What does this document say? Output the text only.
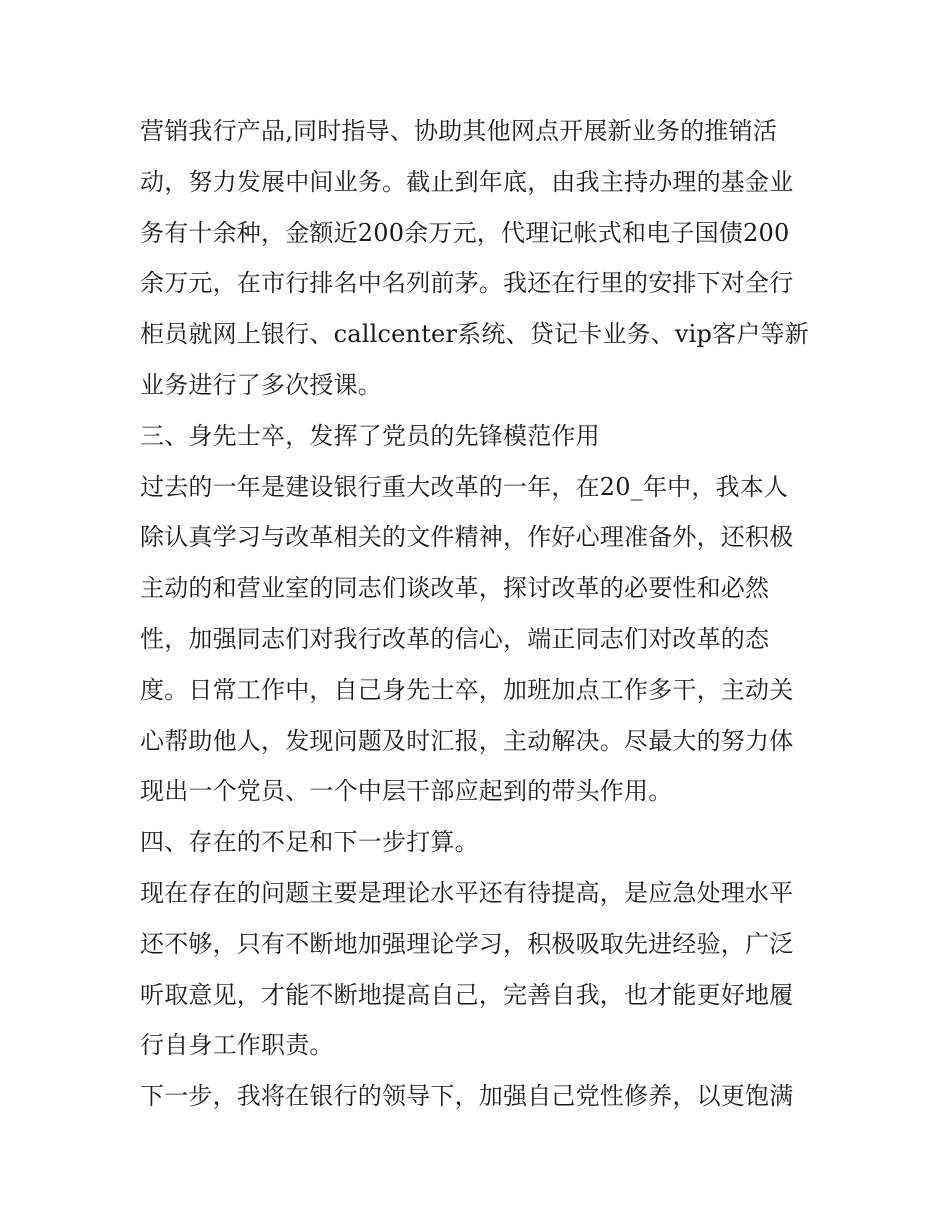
营销我行产品,同时指导、协助其他网点开展新业务的推销活
动，努力发展中间业务。截止到年底，由我主持办理的基金业
务有十余种，金额近200余万元，代理记帐式和电子国债200
余万元，在市行排名中名列前茅。我还在行里的安排下对全行
柜员就网上银行、callcenter系统、贷记卡业务、vip客户等新
业务进行了多次授课。
三、身先士卒，发挥了党员的先锋模范作用
过去的一年是建设银行重大改革的一年，在20_年中，我本人
除认真学习与改革相关的文件精神，作好心理准备外，还积极
主动的和营业室的同志们谈改革，探讨改革的必要性和必然
性，加强同志们对我行改革的信心，端正同志们对改革的态
度。日常工作中，自己身先士卒，加班加点工作多干，主动关
心帮助他人，发现问题及时汇报，主动解决。尽最大的努力体
现出一个党员、一个中层干部应起到的带头作用。
四、存在的不足和下一步打算。
现在存在的问题主要是理论水平还有待提高，是应急处理水平
还不够，只有不断地加强理论学习，积极吸取先进经验，广泛
听取意见，才能不断地提高自己，完善自我，也才能更好地履
行自身工作职责。
下一步，我将在银行的领导下，加强自己党性修养，以更饱满
